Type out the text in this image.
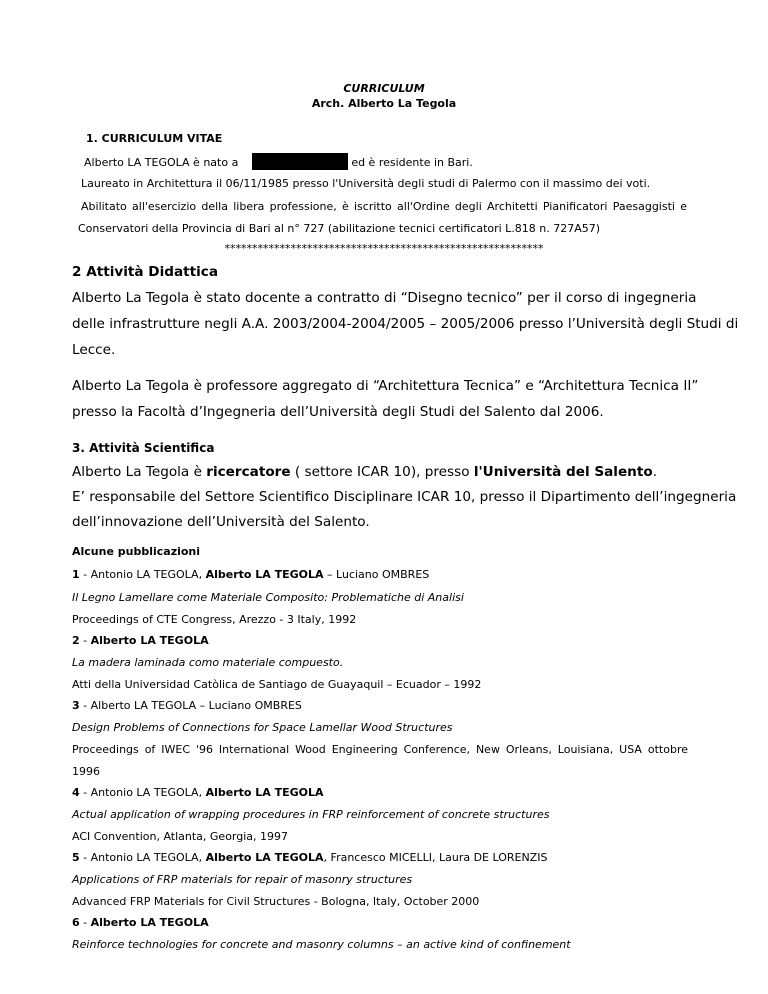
CURRICULUM
Arch. Alberto La Tegola
1. CURRICULUM VITAE
Alberto LA TEGOLA è nato a	ed è residente in Bari.
Laureato in Architettura il 06/11/1985 presso l'Università degli studi di Palermo con il massimo dei voti.
Abilitato all'esercizio della libera professione, è iscritto all'Ordine degli Architetti Pianificatori Paesaggisti e
Conservatori della Provincia di Bari al n° 727 (abilitazione tecnici certificatori L.818 n. 727A57)
**********************************************************
2 Attività Didattica
Alberto La Tegola è stato docente a contratto di “Disegno tecnico” per il corso di ingegneria
delle infrastrutture negli A.A. 2003/2004-2004/2005 – 2005/2006 presso l’Università degli Studi di
Lecce.
Alberto La Tegola è professore aggregato di “Architettura Tecnica” e “Architettura Tecnica II”
presso la Facoltà d’Ingegneria dell’Università degli Studi del Salento dal 2006.
3. Attività Scientifica
Alberto La Tegola è ricercatore ( settore ICAR 10), presso l'Università del Salento.
E’ responsabile del Settore Scientifico Disciplinare ICAR 10, presso il Dipartimento dell’ingegneria
dell’innovazione dell’Università del Salento.
Alcune pubblicazioni
1 - Antonio LA TEGOLA, Alberto LA TEGOLA – Luciano OMBRES
Il Legno Lamellare come Materiale Composito: Problematiche di Analisi
Proceedings of CTE Congress, Arezzo - 3 Italy, 1992
2 - Alberto LA TEGOLA
La madera laminada como materiale compuesto.
Atti della Universidad Catòlica de Santiago de Guayaquil – Ecuador – 1992
3 - Alberto LA TEGOLA – Luciano OMBRES
Design Problems of Connections for Space Lamellar Wood Structures
Proceedings of IWEC '96 International Wood Engineering Conference, New Orleans, Louisiana, USA ottobre
1996
4 - Antonio LA TEGOLA, Alberto LA TEGOLA
Actual application of wrapping procedures in FRP reinforcement of concrete structures
ACI Convention, Atlanta, Georgia, 1997
5 - Antonio LA TEGOLA, Alberto LA TEGOLA, Francesco MICELLI, Laura DE LORENZIS
Applications of FRP materials for repair of masonry structures
Advanced FRP Materials for Civil Structures - Bologna, Italy, October 2000
6 - Alberto LA TEGOLA
Reinforce technologies for concrete and masonry columns – an active kind of confinement
